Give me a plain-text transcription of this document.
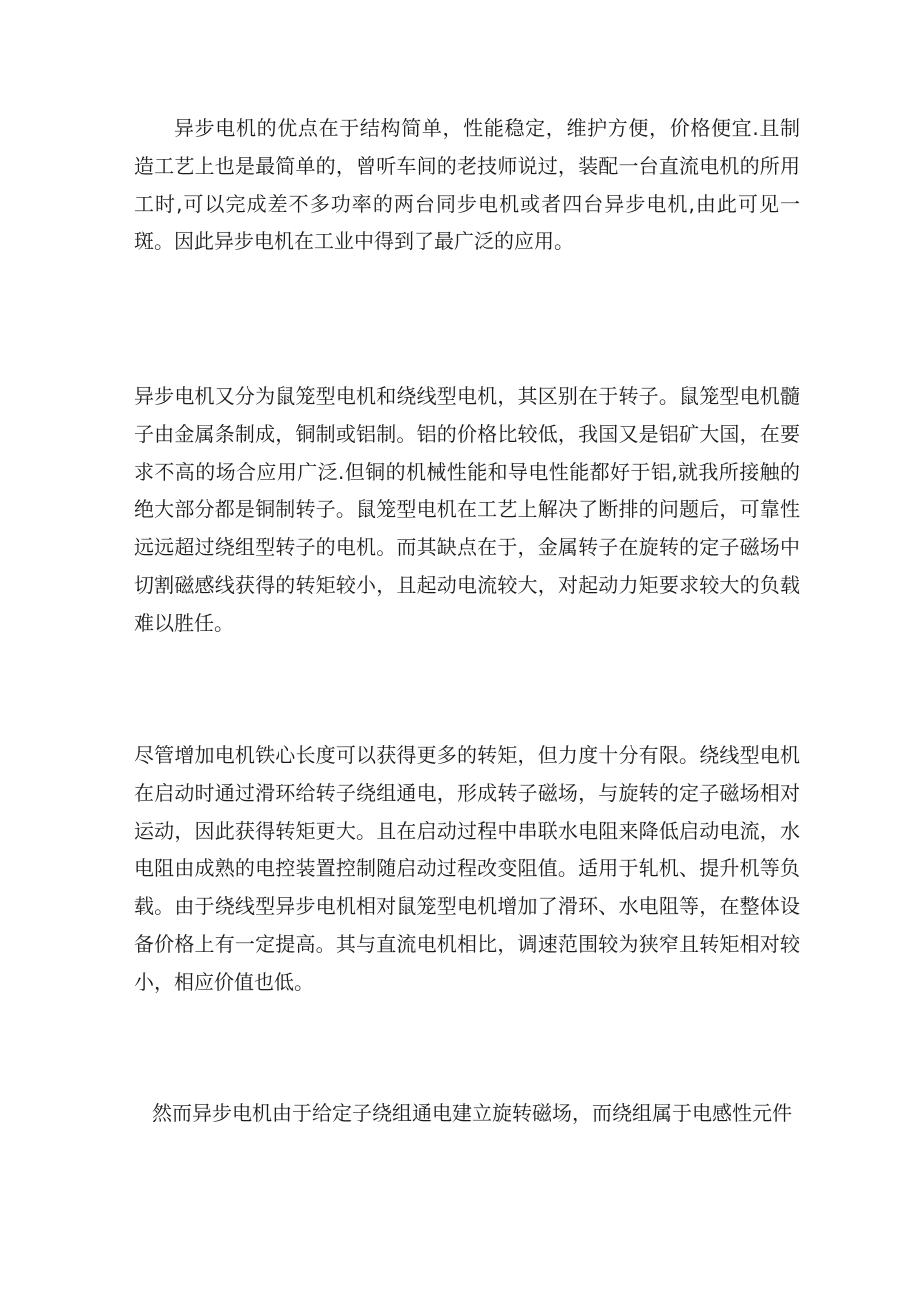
异步电机的优点在于结构简单，性能稳定，维护方便，价格便宜.且制造工艺上也是最简单的，曾听车间的老技师说过，装配一台直流电机的所用工时,可以完成差不多功率的两台同步电机或者四台异步电机,由此可见一斑。因此异步电机在工业中得到了最广泛的应用。

异步电机又分为鼠笼型电机和绕线型电机，其区别在于转子。鼠笼型电机髓子由金属条制成，铜制或铝制。铝的价格比较低，我国又是铝矿大国，在要求不高的场合应用广泛.但铜的机械性能和导电性能都好于铝,就我所接触的绝大部分都是铜制转子。鼠笼型电机在工艺上解决了断排的问题后，可靠性远远超过绕组型转子的电机。而其缺点在于，金属转子在旋转的定子磁场中切割磁感线获得的转矩较小，且起动电流较大，对起动力矩要求较大的负载难以胜任。

尽管增加电机铁心长度可以获得更多的转矩，但力度十分有限。绕线型电机在启动时通过滑环给转子绕组通电，形成转子磁场，与旋转的定子磁场相对运动，因此获得转矩更大。且在启动过程中串联水电阻来降低启动电流，水电阻由成熟的电控装置控制随启动过程改变阻值。适用于轧机、提升机等负载。由于绕线型异步电机相对鼠笼型电机增加了滑环、水电阻等，在整体设备价格上有一定提高。其与直流电机相比，调速范围较为狭窄且转矩相对较小，相应价值也低。

然而异步电机由于给定子绕组通电建立旋转磁场，而绕组属于电感性元件
